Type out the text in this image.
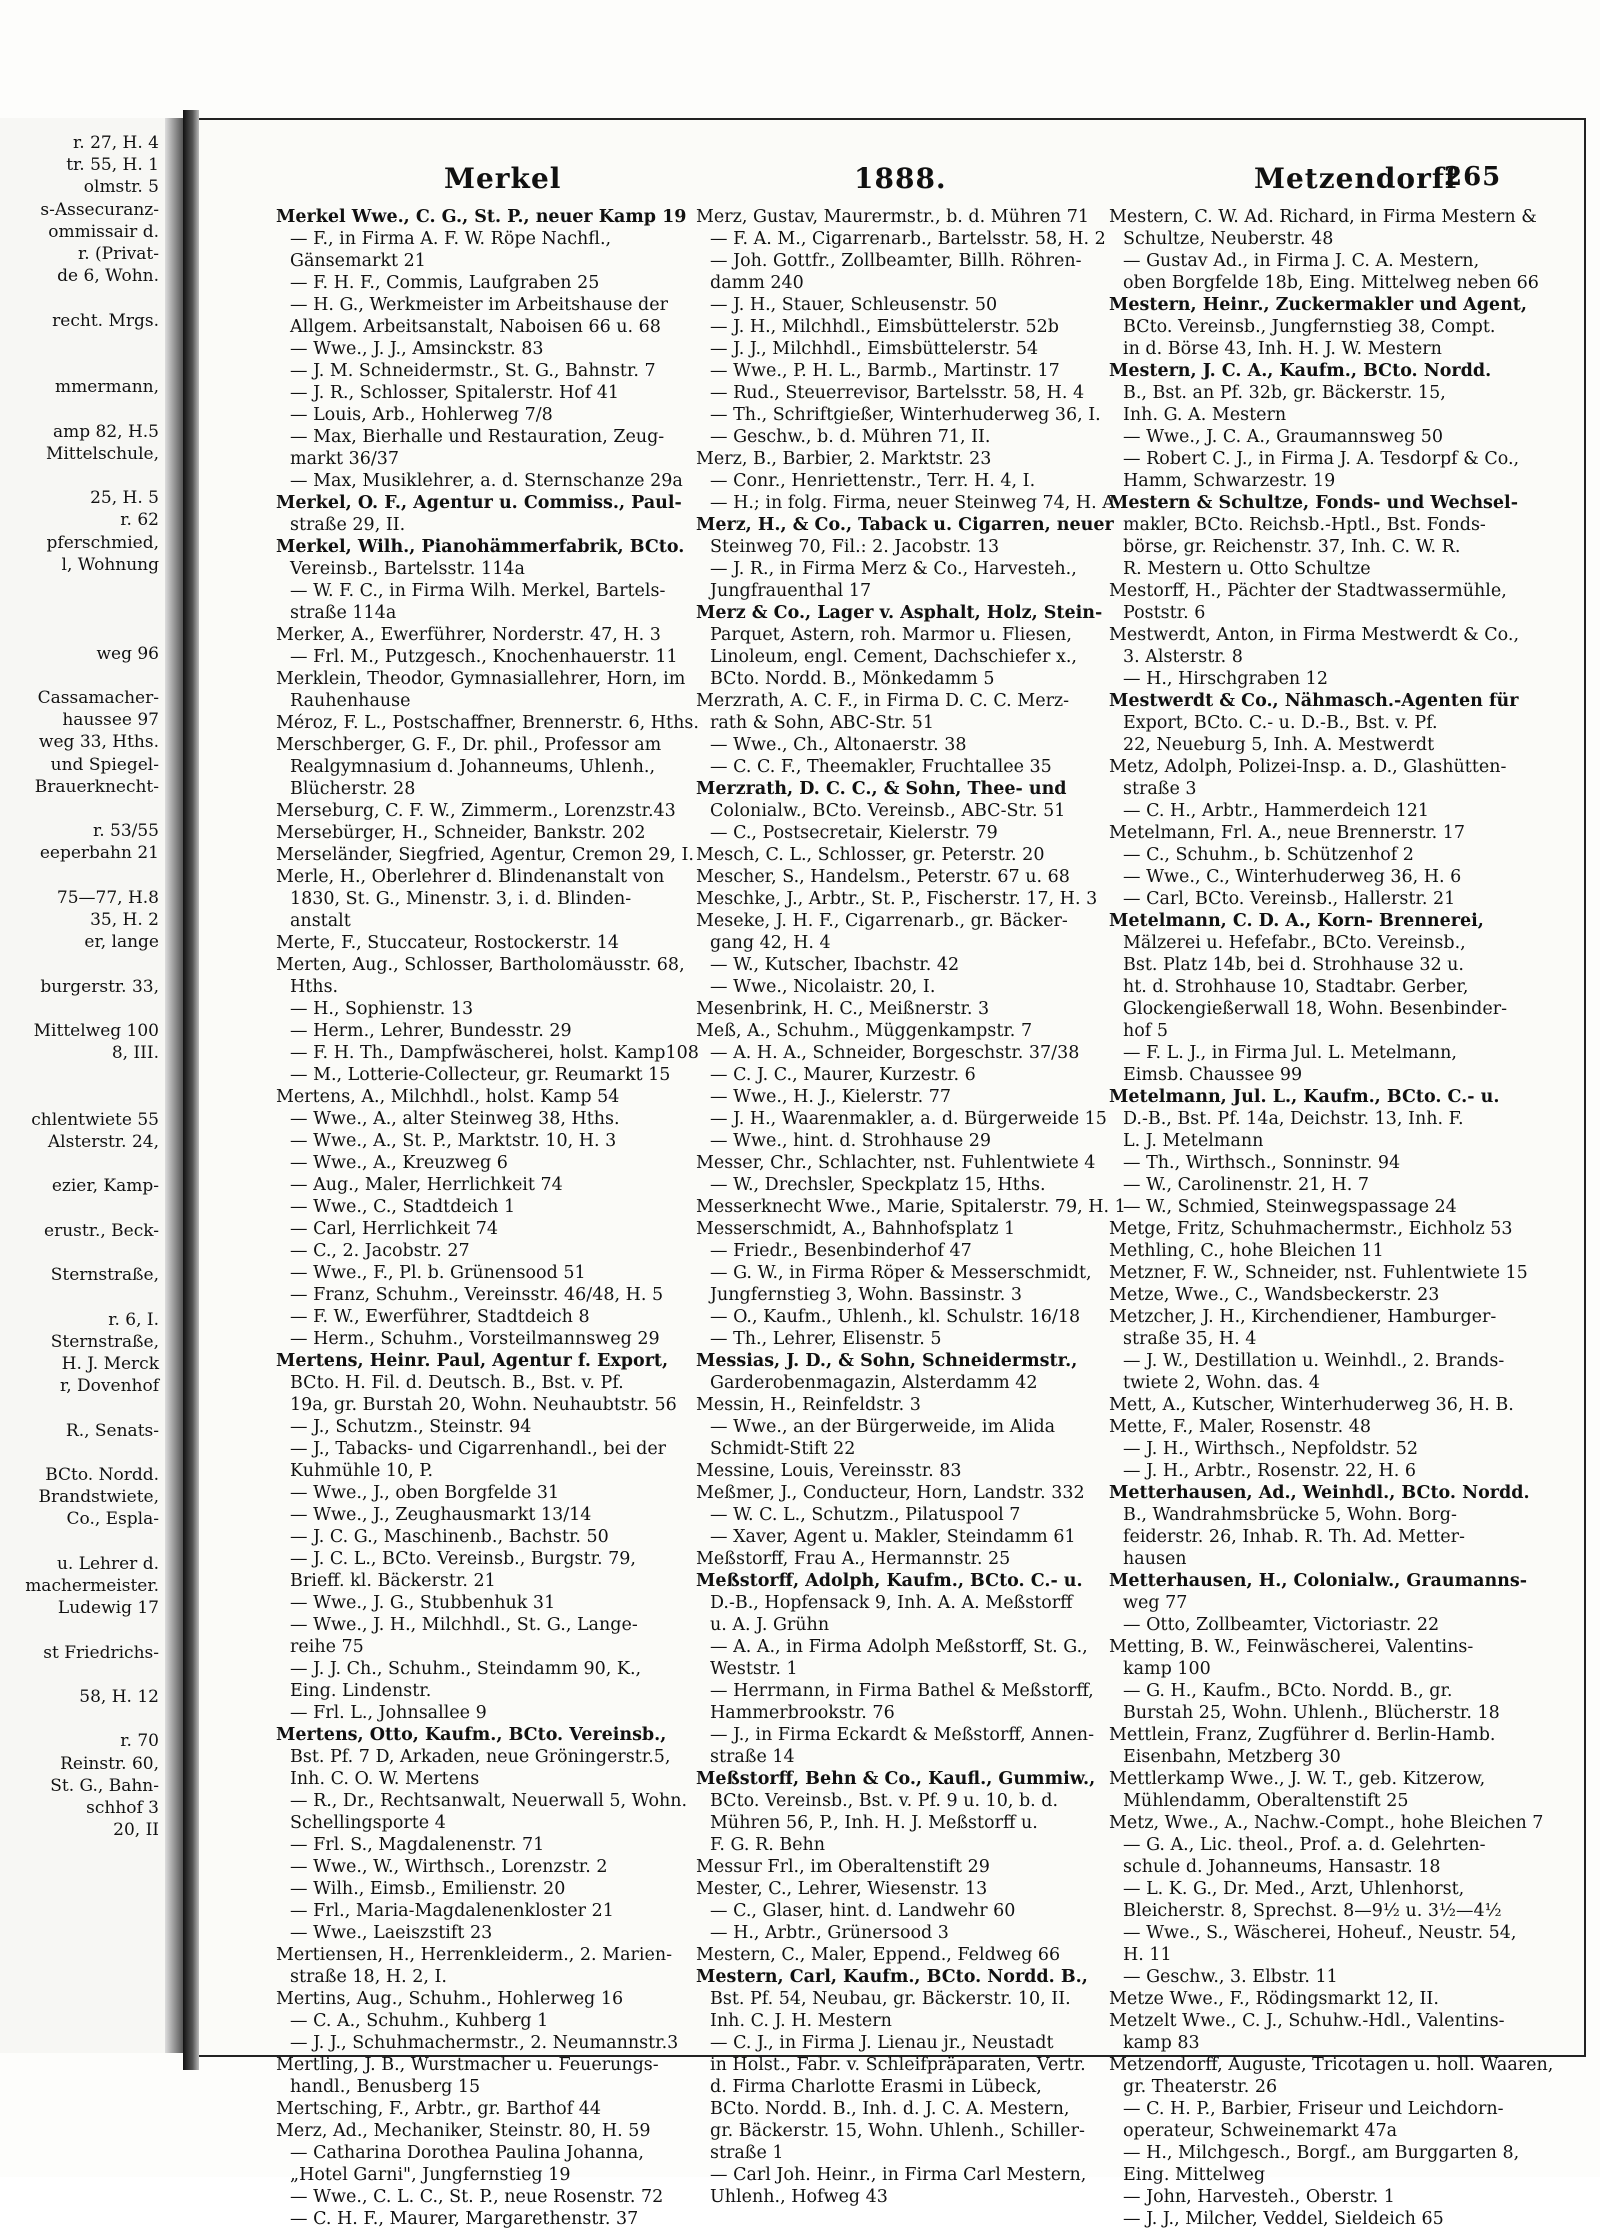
r. 27, H. 4
tr. 55, H. 1
olmstr. 5
s-Assecuranz-
ommissair d.
r. (Privat-
de 6, Wohn.
recht. Mrgs.
mmermann,
amp 82, H.5
Mittelschule,
25, H. 5
r. 62
pferschmied,
l, Wohnung
weg 96
Cassamacher-
haussee 97
weg 33, Hths.
und Spiegel-
Brauerknecht-
r. 53/55
eeperbahn 21
75—77, H.8
35, H. 2
er, lange
burgerstr. 33,
Mittelweg 100
8, III.
chlentwiete 55
Alsterstr. 24,
ezier, Kamp-
erustr., Beck-
Sternstraße,
r. 6, I.
Sternstraße,
H. J. Merck
r, Dovenhof
R., Senats-
BCto. Nordd.
Brandstwiete,
Co., Espla-
u. Lehrer d.
machermeister.
Ludewig 17
st Friedrichs-
58, H. 12
r. 70
Reinstr. 60,
St. G., Bahn-
schhof 3
20, II
Merkel	1888.	Metzendorff
265
Merkel Wwe., C. G., St. P., neuer Kamp 19
— F., in Firma A. F. W. Röpe Nachfl.,
Gänsemarkt 21
— F. H. F., Commis, Laufgraben 25
— H. G., Werkmeister im Arbeitshause der
Allgem. Arbeitsanstalt, Naboisen 66 u. 68
— Wwe., J. J., Amsinckstr. 83
— J. M. Schneidermstr., St. G., Bahnstr. 7
— J. R., Schlosser, Spitalerstr. Hof 41
— Louis, Arb., Hohlerweg 7/8
— Max, Bierhalle und Restauration, Zeug-
markt 36/37
— Max, Musiklehrer, a. d. Sternschanze 29a
Merkel, O. F., Agentur u. Commiss., Paul-
straße 29, II.
Merkel, Wilh., Pianohämmerfabrik, BCto.
Vereinsb., Bartelsstr. 114a
— W. F. C., in Firma Wilh. Merkel, Bartels-
straße 114a
Merker, A., Ewerführer, Norderstr. 47, H. 3
— Frl. M., Putzgesch., Knochenhauerstr. 11
Merklein, Theodor, Gymnasiallehrer, Horn, im
Rauhenhause
Méroz, F. L., Postschaffner, Brennerstr. 6, Hths.
Merschberger, G. F., Dr. phil., Professor am
Realgymnasium d. Johanneums, Uhlenh.,
Blücherstr. 28
Merseburg, C. F. W., Zimmerm., Lorenzstr.43
Mersebürger, H., Schneider, Bankstr. 202
Merseländer, Siegfried, Agentur, Cremon 29, I.
Merle, H., Oberlehrer d. Blindenanstalt von
1830, St. G., Minenstr. 3, i. d. Blinden-
anstalt
Merte, F., Stuccateur, Rostockerstr. 14
Merten, Aug., Schlosser, Bartholomäusstr. 68,
Hths.
— H., Sophienstr. 13
— Herm., Lehrer, Bundesstr. 29
— F. H. Th., Dampfwäscherei, holst. Kamp108
— M., Lotterie-Collecteur, gr. Reumarkt 15
Mertens, A., Milchhdl., holst. Kamp 54
— Wwe., A., alter Steinweg 38, Hths.
— Wwe., A., St. P., Marktstr. 10, H. 3
— Wwe., A., Kreuzweg 6
— Aug., Maler, Herrlichkeit 74
— Wwe., C., Stadtdeich 1
— Carl, Herrlichkeit 74
— C., 2. Jacobstr. 27
— Wwe., F., Pl. b. Grünensood 51
— Franz, Schuhm., Vereinsstr. 46/48, H. 5
— F. W., Ewerführer, Stadtdeich 8
— Herm., Schuhm., Vorsteilmannsweg 29
Mertens, Heinr. Paul, Agentur f. Export,
BCto. H. Fil. d. Deutsch. B., Bst. v. Pf.
19a, gr. Burstah 20, Wohn. Neuhaubtstr. 56
— J., Schutzm., Steinstr. 94
— J., Tabacks- und Cigarrenhandl., bei der
Kuhmühle 10, P.
— Wwe., J., oben Borgfelde 31
— Wwe., J., Zeughausmarkt 13/14
— J. C. G., Maschinenb., Bachstr. 50
— J. C. L., BCto. Vereinsb., Burgstr. 79,
Brieff. kl. Bäckerstr. 21
— Wwe., J. G., Stubbenhuk 31
— Wwe., J. H., Milchhdl., St. G., Lange-
reihe 75
— J. J. Ch., Schuhm., Steindamm 90, K.,
Eing. Lindenstr.
— Frl. L., Johnsallee 9
Mertens, Otto, Kaufm., BCto. Vereinsb.,
Bst. Pf. 7 D, Arkaden, neue Gröningerstr.5,
Inh. C. O. W. Mertens
— R., Dr., Rechtsanwalt, Neuerwall 5, Wohn.
Schellingsporte 4
— Frl. S., Magdalenenstr. 71
— Wwe., W., Wirthsch., Lorenzstr. 2
— Wilh., Eimsb., Emilienstr. 20
— Frl., Maria-Magdalenenkloster 21
— Wwe., Laeiszstift 23
Mertiensen, H., Herrenkleiderm., 2. Marien-
straße 18, H. 2, I.
Mertins, Aug., Schuhm., Hohlerweg 16
— C. A., Schuhm., Kuhberg 1
— J. J., Schuhmachermstr., 2. Neumannstr.3
Mertling, J. B., Wurstmacher u. Feuerungs-
handl., Benusberg 15
Mertsching, F., Arbtr., gr. Barthof 44
Merz, Ad., Mechaniker, Steinstr. 80, H. 59
— Catharina Dorothea Paulina Johanna,
„Hotel Garni", Jungfernstieg 19
— Wwe., C. L. C., St. P., neue Rosenstr. 72
— C. H. F., Maurer, Margarethenstr. 37
Merz, Gustav, Maurermstr., b. d. Mühren 71
— F. A. M., Cigarrenarb., Bartelsstr. 58, H. 2
— Joh. Gottfr., Zollbeamter, Billh. Röhren-
damm 240
— J. H., Stauer, Schleusenstr. 50
— J. H., Milchhdl., Eimsbüttelerstr. 52b
— J. J., Milchhdl., Eimsbüttelerstr. 54
— Wwe., P. H. L., Barmb., Martinstr. 17
— Rud., Steuerrevisor, Bartelsstr. 58, H. 4
— Th., Schriftgießer, Winterhuderweg 36, I.
— Geschw., b. d. Mühren 71, II.
Merz, B., Barbier, 2. Marktstr. 23
— Conr., Henriettenstr., Terr. H. 4, I.
— H.; in folg. Firma, neuer Steinweg 74, H. A.
Merz, H., & Co., Taback u. Cigarren, neuer
Steinweg 70, Fil.: 2. Jacobstr. 13
— J. R., in Firma Merz & Co., Harvesteh.,
Jungfrauenthal 17
Merz & Co., Lager v. Asphalt, Holz, Stein-
Parquet, Astern, roh. Marmor u. Fliesen,
Linoleum, engl. Cement, Dachschiefer x.,
BCto. Nordd. B., Mönkedamm 5
Merzrath, A. C. F., in Firma D. C. C. Merz-
rath & Sohn, ABC-Str. 51
— Wwe., Ch., Altonaerstr. 38
— C. C. F., Theemakler, Fruchtallee 35
Merzrath, D. C. C., & Sohn, Thee- und
Colonialw., BCto. Vereinsb., ABC-Str. 51
— C., Postsecretair, Kielerstr. 79
Mesch, C. L., Schlosser, gr. Peterstr. 20
Mescher, S., Handelsm., Peterstr. 67 u. 68
Meschke, J., Arbtr., St. P., Fischerstr. 17, H. 3
Meseke, J. H. F., Cigarrenarb., gr. Bäcker-
gang 42, H. 4
— W., Kutscher, Ibachstr. 42
— Wwe., Nicolaistr. 20, I.
Mesenbrink, H. C., Meißnerstr. 3
Meß, A., Schuhm., Müggenkampstr. 7
— A. H. A., Schneider, Borgeschstr. 37/38
— C. J. C., Maurer, Kurzestr. 6
— Wwe., H. J., Kielerstr. 77
— J. H., Waarenmakler, a. d. Bürgerweide 15
— Wwe., hint. d. Strohhause 29
Messer, Chr., Schlachter, nst. Fuhlentwiete 4
— W., Drechsler, Speckplatz 15, Hths.
Messerknecht Wwe., Marie, Spitalerstr. 79, H. 1
Messerschmidt, A., Bahnhofsplatz 1
— Friedr., Besenbinderhof 47
— G. W., in Firma Röper & Messerschmidt,
Jungfernstieg 3, Wohn. Bassinstr. 3
— O., Kaufm., Uhlenh., kl. Schulstr. 16/18
— Th., Lehrer, Elisenstr. 5
Messias, J. D., & Sohn, Schneidermstr.,
Garderobenmagazin, Alsterdamm 42
Messin, H., Reinfeldstr. 3
— Wwe., an der Bürgerweide, im Alida
Schmidt-Stift 22
Messine, Louis, Vereinsstr. 83
Meßmer, J., Conducteur, Horn, Landstr. 332
— W. C. L., Schutzm., Pilatuspool 7
— Xaver, Agent u. Makler, Steindamm 61
Meßstorff, Frau A., Hermannstr. 25
Meßstorff, Adolph, Kaufm., BCto. C.- u.
D.-B., Hopfensack 9, Inh. A. A. Meßstorff
u. A. J. Grühn
— A. A., in Firma Adolph Meßstorff, St. G.,
Weststr. 1
— Herrmann, in Firma Bathel & Meßstorff,
Hammerbrookstr. 76
— J., in Firma Eckardt & Meßstorff, Annen-
straße 14
Meßstorff, Behn & Co., Kaufl., Gummiw.,
BCto. Vereinsb., Bst. v. Pf. 9 u. 10, b. d.
Mühren 56, P., Inh. H. J. Meßstorff u.
F. G. R. Behn
Messur Frl., im Oberaltenstift 29
Mester, C., Lehrer, Wiesenstr. 13
— C., Glaser, hint. d. Landwehr 60
— H., Arbtr., Grünersood 3
Mestern, C., Maler, Eppend., Feldweg 66
Mestern, Carl, Kaufm., BCto. Nordd. B.,
Bst. Pf. 54, Neubau, gr. Bäckerstr. 10, II.
Inh. C. J. H. Mestern
— C. J., in Firma J. Lienau jr., Neustadt
in Holst., Fabr. v. Schleifpräparaten, Vertr.
d. Firma Charlotte Erasmi in Lübeck,
BCto. Nordd. B., Inh. d. J. C. A. Mestern,
gr. Bäckerstr. 15, Wohn. Uhlenh., Schiller-
straße 1
— Carl Joh. Heinr., in Firma Carl Mestern,
Uhlenh., Hofweg 43
Mestern, C. W. Ad. Richard, in Firma Mestern &
Schultze, Neuberstr. 48
— Gustav Ad., in Firma J. C. A. Mestern,
oben Borgfelde 18b, Eing. Mittelweg neben 66
Mestern, Heinr., Zuckermakler und Agent,
BCto. Vereinsb., Jungfernstieg 38, Compt.
in d. Börse 43, Inh. H. J. W. Mestern
Mestern, J. C. A., Kaufm., BCto. Nordd.
B., Bst. an Pf. 32b, gr. Bäckerstr. 15,
Inh. G. A. Mestern
— Wwe., J. C. A., Graumannsweg 50
— Robert C. J., in Firma J. A. Tesdorpf & Co.,
Hamm, Schwarzestr. 19
Mestern & Schultze, Fonds- und Wechsel-
makler, BCto. Reichsb.-Hptl., Bst. Fonds-
börse, gr. Reichenstr. 37, Inh. C. W. R.
R. Mestern u. Otto Schultze
Mestorff, H., Pächter der Stadtwassermühle,
Poststr. 6
Mestwerdt, Anton, in Firma Mestwerdt & Co.,
3. Alsterstr. 8
— H., Hirschgraben 12
Mestwerdt & Co., Nähmasch.-Agenten für
Export, BCto. C.- u. D.-B., Bst. v. Pf.
22, Neueburg 5, Inh. A. Mestwerdt
Metz, Adolph, Polizei-Insp. a. D., Glashütten-
straße 3
— C. H., Arbtr., Hammerdeich 121
Metelmann, Frl. A., neue Brennerstr. 17
— C., Schuhm., b. Schützenhof 2
— Wwe., C., Winterhuderweg 36, H. 6
— Carl, BCto. Vereinsb., Hallerstr. 21
Metelmann, C. D. A., Korn- Brennerei,
Mälzerei u. Hefefabr., BCto. Vereinsb.,
Bst. Platz 14b, bei d. Strohhause 32 u.
ht. d. Strohhause 10, Stadtabr. Gerber,
Glockengießerwall 18, Wohn. Besenbinder-
hof 5
— F. L. J., in Firma Jul. L. Metelmann,
Eimsb. Chaussee 99
Metelmann, Jul. L., Kaufm., BCto. C.- u.
D.-B., Bst. Pf. 14a, Deichstr. 13, Inh. F.
L. J. Metelmann
— Th., Wirthsch., Sonninstr. 94
— W., Carolinenstr. 21, H. 7
— W., Schmied, Steinwegspassage 24
Metge, Fritz, Schuhmachermstr., Eichholz 53
Methling, C., hohe Bleichen 11
Metzner, F. W., Schneider, nst. Fuhlentwiete 15
Metze, Wwe., C., Wandsbeckerstr. 23
Metzcher, J. H., Kirchendiener, Hamburger-
straße 35, H. 4
— J. W., Destillation u. Weinhdl., 2. Brands-
twiete 2, Wohn. das. 4
Mett, A., Kutscher, Winterhuderweg 36, H. B.
Mette, F., Maler, Rosenstr. 48
— J. H., Wirthsch., Nepfoldstr. 52
— J. H., Arbtr., Rosenstr. 22, H. 6
Metterhausen, Ad., Weinhdl., BCto. Nordd.
B., Wandrahmsbrücke 5, Wohn. Borg-
feiderstr. 26, Inhab. R. Th. Ad. Metter-
hausen
Metterhausen, H., Colonialw., Graumanns-
weg 77
— Otto, Zollbeamter, Victoriastr. 22
Metting, B. W., Feinwäscherei, Valentins-
kamp 100
— G. H., Kaufm., BCto. Nordd. B., gr.
Burstah 25, Wohn. Uhlenh., Blücherstr. 18
Mettlein, Franz, Zugführer d. Berlin-Hamb.
Eisenbahn, Metzberg 30
Mettlerkamp Wwe., J. W. T., geb. Kitzerow,
Mühlendamm, Oberaltenstift 25
Metz, Wwe., A., Nachw.-Compt., hohe Bleichen 7
— G. A., Lic. theol., Prof. a. d. Gelehrten-
schule d. Johanneums, Hansastr. 18
— L. K. G., Dr. Med., Arzt, Uhlenhorst,
Bleicherstr. 8, Sprechst. 8—9½ u. 3½—4½
— Wwe., S., Wäscherei, Hoheuf., Neustr. 54,
H. 11
— Geschw., 3. Elbstr. 11
Metze Wwe., F., Rödingsmarkt 12, II.
Metzelt Wwe., C. J., Schuhw.-Hdl., Valentins-
kamp 83
Metzendorff, Auguste, Tricotagen u. holl. Waaren,
gr. Theaterstr. 26
— C. H. P., Barbier, Friseur und Leichdorn-
operateur, Schweinemarkt 47a
— H., Milchgesch., Borgf., am Burggarten 8,
Eing. Mittelweg
— John, Harvesteh., Oberstr. 1
— J. J., Milcher, Veddel, Sieldeich 65
